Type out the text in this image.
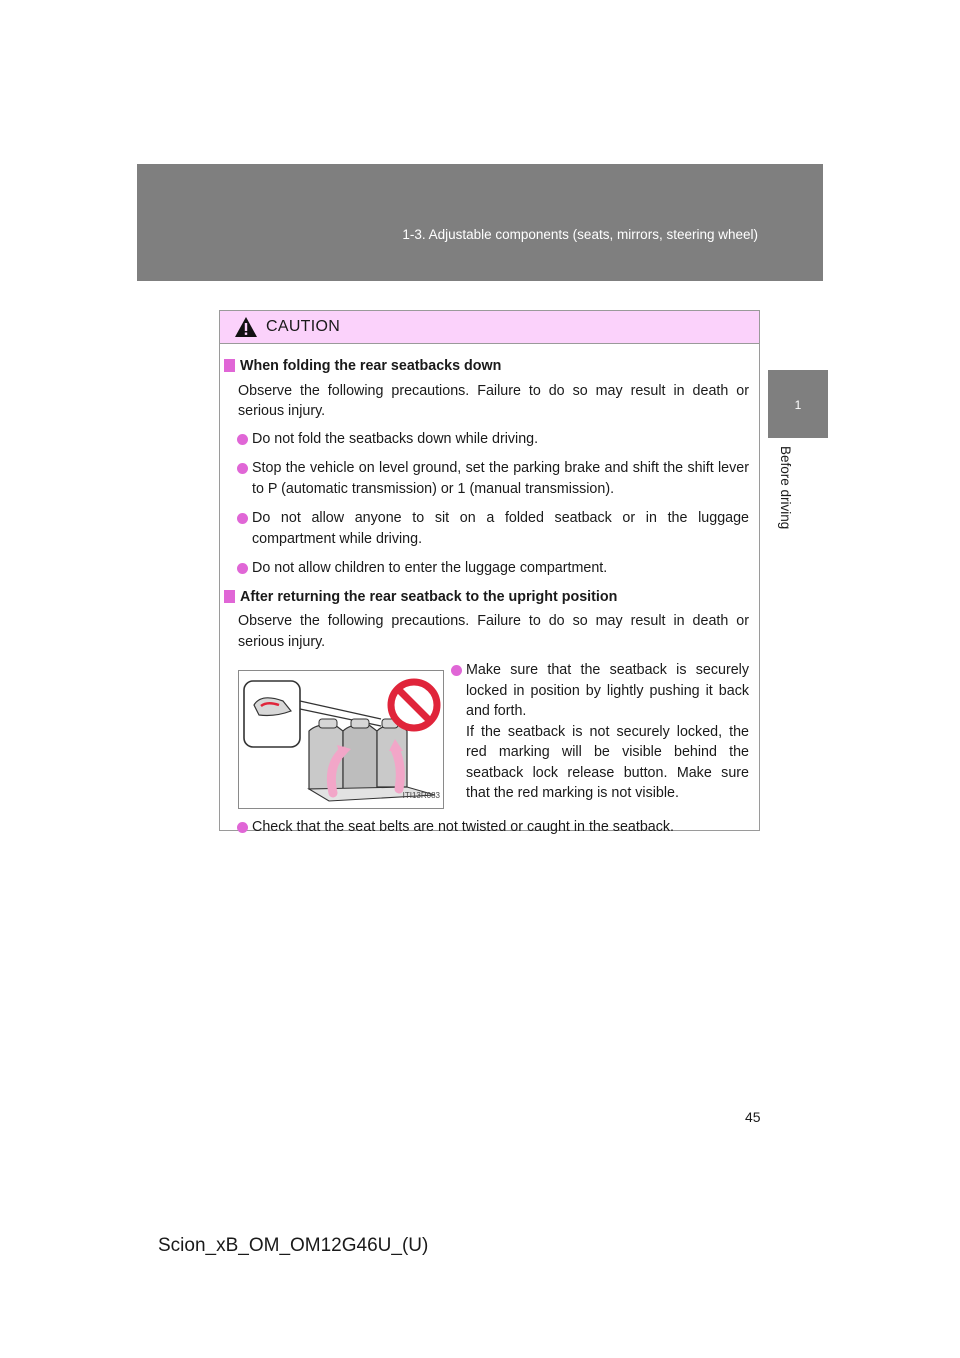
1-3. Adjustable components (seats, mirrors, steering wheel)
1
Before driving
CAUTION
When folding the rear seatbacks down
Observe the following precautions. Failure to do so may result in death or serious injury.
Do not fold the seatbacks down while driving.
Stop the vehicle on level ground, set the parking brake and shift the shift lever to P (automatic transmission) or 1 (manual transmission).
Do not allow anyone to sit on a folded seatback or in the luggage compartment while driving.
Do not allow children to enter the luggage compartment.
After returning the rear seatback to the upright position
Observe the following precautions. Failure to do so may result in death or serious injury.
ITI13R083
Make sure that the seatback is securely locked in position by lightly pushing it back and forth.
If the seatback is not securely locked, the red marking will be visible behind the seatback lock release button. Make sure that the red marking is not visible.
Check that the seat belts are not twisted or caught in the seatback.
45
Scion_xB_OM_OM12G46U_(U)
